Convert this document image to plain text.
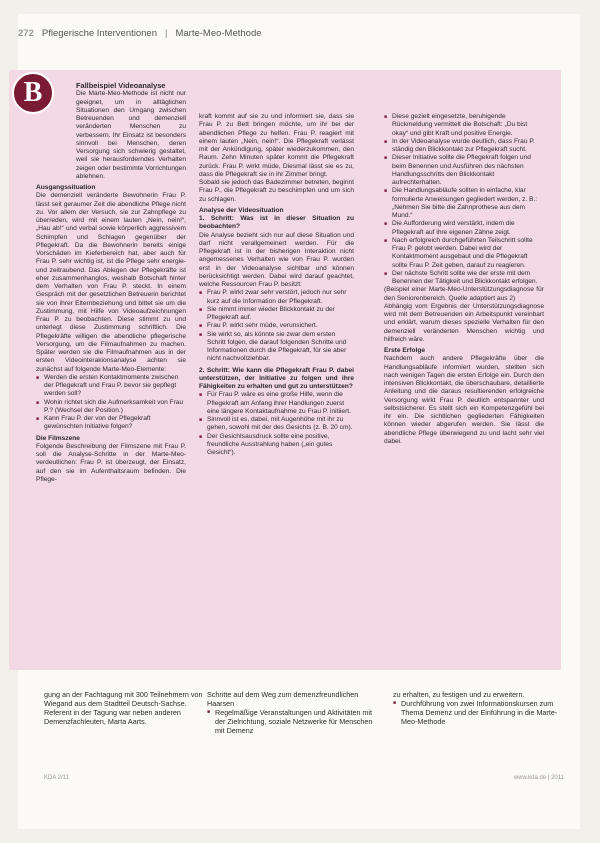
272 Pflegerische Interventionen | Marte-Meo-Methode
B	Fallbeispiel Videoanalyse

Die Marte-Meo-Methode ist nicht nur geeignet, um in alltäglichen Situationen den Umgang zwischen Betreuenden und demenziell veränderten Menschen zu verbessern. Ihr Einsatz ist besonders sinnvoll bei Menschen, deren Versorgung sich schwierig gestaltet, weil sie herausforderndes Verhalten zeigen oder bestimmte Vorrichtungen ablehnen.

Ausgangssituation

Die demenziell veränderte Bewohnerin Frau P. lässt seit geraumer Zeit die abendliche Pflege nicht zu. Vor allem der Versuch, sie zur Zahnpflege zu überreden, wird mit einem lauten „Nein, nein!“, „Hau ab!“ und verbal sowie körperlich aggressivem Schimpfen und Schlagen gegenüber der Pflegekraft. Da die Bewohnerin bereits einige Vorschäden im Kieferbereich hat, aber auch für Frau P. sehr wichtig ist, ist die Pflege sehr energie- und zeitraubend. Das Ablegen der Pflegekräfte ist eher zusammenhanglos, weshalb Botschaft hinter dem Verhalten von Frau P. steckt. In einem Gespräch mit der gesetzlichen Betreuerin berichtet sie von ihrer Elternbeziehung und bittet sie um die Zustimmung, mit Hilfe von Videoaufzeichnungen Frau P. zu beobachten. Diese stimmt zu und unterlegt diese Zustimmung schriftlich. Die Pflegekräfte willigen die abendliche pflegerische Versorgung, um die Filmaufnahmen zu machen. Später werden sie die Filmaufnahmen aus in der ersten Videointerakionsanalyse achten sie zunächst auf folgende Marte-Meo-Elemente:

■ Werden die ersten Kontaktmomente zwischen der Pflegekraft und Frau P. bevor sie gepflegt werden soll?
■ Wohin richtet sich die Aufmerksamkeit von Frau P.? (Wechsel der Position.)
■ Kann Frau P. der von der Pflegekraft gewünschten Initiative folgen?

Die Filmszene

Folgende Beschreibung der Filmszene mit Frau P. soll die Analyse-Schritte in der Marte-Meo-verdeutlichen: Frau P. ist überzeugt, der Einsatz, auf den sie im Aufenthaltsraum befinden. Die Pflege-

kraft kommt auf sie zu und informiert sie, dass sie Frau P. zu Bett bringen möchte, um ihr bei der abendlichen Pflege zu helfen. Frau P. reagiert mit einem lauten „Nein, nein!“. Die Pflegekraft verlässt mit der Ankündigung, später wiederzukommen, den Raum. Zehn Minuten später kommt die Pflegekraft zurück. Frau P. wirkt müde, Diesmal lässt sie es zu, dass die Pflegekraft sie in ihr Zimmer bringt.

Sobald sie jedoch das Badezimmer betreten, beginnt Frau P., die Pflegekraft zu beschimpfen und um sich zu schlagen.

Analyse der Videosituation

1. Schritt: Was ist in dieser Situation zu beobachten?

Die Analyse bezieht sich nur auf diese Situation und darf nicht verallgemeinert werden. Für die Pflegekraft ist in der bisherigen Interaktion nicht angemessenes Verhalten wie von Frau P. wurden erst in der Videoanalyse sichtbar und können berücksichtigt werden. Dabei wird darauf geachtet, welche Ressourcen Frau P. besitzt:

■ Frau P. wirkt zwar sehr verstört, jedoch nur sehr kurz auf die Information der Pflegekraft.
■ Sie nimmt immer wieder Blickkontakt zu der Pflegekraft auf.
■ Frau P. wirkt sehr müde, verunsichert.
■ Sie wirkt so, als könnte sie zwar dem ersten Schritt folgen, die darauf folgenden Schritte und Informationen durch die Pflegekraft, für sie aber nicht nachvollziehbar.

2. Schritt: Wie kann die Pflegekraft Frau P. dabei unterstützen, der Initiative zu folgen und ihre Fähigkeiten zu erhalten und gut zu unterstützen?

■ Für Frau P. wäre es eine große Hilfe, wenn die Pflegekraft am Anfang ihrer Handlungen zuerst eine längere Kontaktaufnahme zu Frau P. initiiert.
■ Sinnvoll ist es, dabei, mit Augenhöhe mit ihr zu gehen, sowohl mit der des Gesichts (z. B. 20 cm).
■ Der Gesichtsausdruck sollte eine positive, freundliche Ausstrahlung haben („ein gutes Gesicht“).
■ Diese gezielt eingesetzte, beruhigende Rückmeldung vermittelt die Botschaft: „Du bist okay“ und gibt Kraft und positive Energie.
■ In der Videoanalyse wurde deutlich, dass Frau P. ständig den Blickkontakt zur Pflegekraft sucht.
■ Dieser Initiative sollte die Pflegekraft folgen und beim Benennen und Ausführen des nächsten Handlungsschritts den Blickkontakt aufrechterhalten.
■ Die Handlungsabläufe sollten in einfache, klar formulierte Anweisungen gegliedert werden, z. B.: „Nehmen Sie bitte die Zahnprothese aus dem Mund.“
■ Die Aufforderung wird verstärkt, indem die Pflegekraft auf ihre eigenen Zähne zeigt.
■ Nach erfolgreich durchgeführten Teilschritt sollte Frau P. gelobt werden. Dabei wird der Kontaktmoment ausgebaut und die Pflegekraft sollte Frau P. Zeit geben, darauf zu reagieren.
■ Der nächste Schritt sollte wie der erste mit dem Benennen der Tätigkeit und Blickkontakt erfolgen.

(Beispiel einer Marte-Meo-Unterstützungsdiagnose für den Seniorenbereich. Quelle adaptiert aus 2)

Abhängig vom Ergebnis der Unterstützungsdiagnose wird mit dem Betreuenden ein Arbeitspunkt vereinbart und erklärt, warum dieses spezielle Verhalten für den demenziell veränderten Menschen wichtig und hilfreich wäre.

Erste Erfolge

Nachdem auch andere Pflegekräfte über die Handlungsabläufe informiert wurden, stellten sich nach wenigen Tagen die ersten Erfolge ein. Durch den intensiven Blickkontakt, die überschaubare, detaillierte Anleitung und die daraus resultierenden erfolgreiche Versorgung wirkt Frau P. deutlich entspannter und selbstsicherer. Es stellt sich ein Kompetenzgefühl bei ihr ein. Die sichtlichen gegliederten Fähigkeiten können wieder abgerufen werden. Sie lässt die abendliche Pflege überwiegend zu und lacht sehr viel dabei.

gung an der Fachtagung mit 300 Teilnehmern von Wiegand aus dem Stadtteil Deutsch-Sachse. Referent in der Tagung war neben anderen Demenzfachleuten, Marta Aarts.

Schritte auf dem Weg zum demenzfreundlichen Haarsen

■ Regelmäßige Veranstaltungen und Aktivitäten mit der Zielrichtung, soziale Netzwerke für Menschen mit Demenz

zu erhalten, zu festigen und zu erweitern.

■ Durchführung von zwei Informationskursen zum Thema Demenz und der Einführung in die Marte-Meo-Methode
KDA 2/11	www.kda.de | 2011
